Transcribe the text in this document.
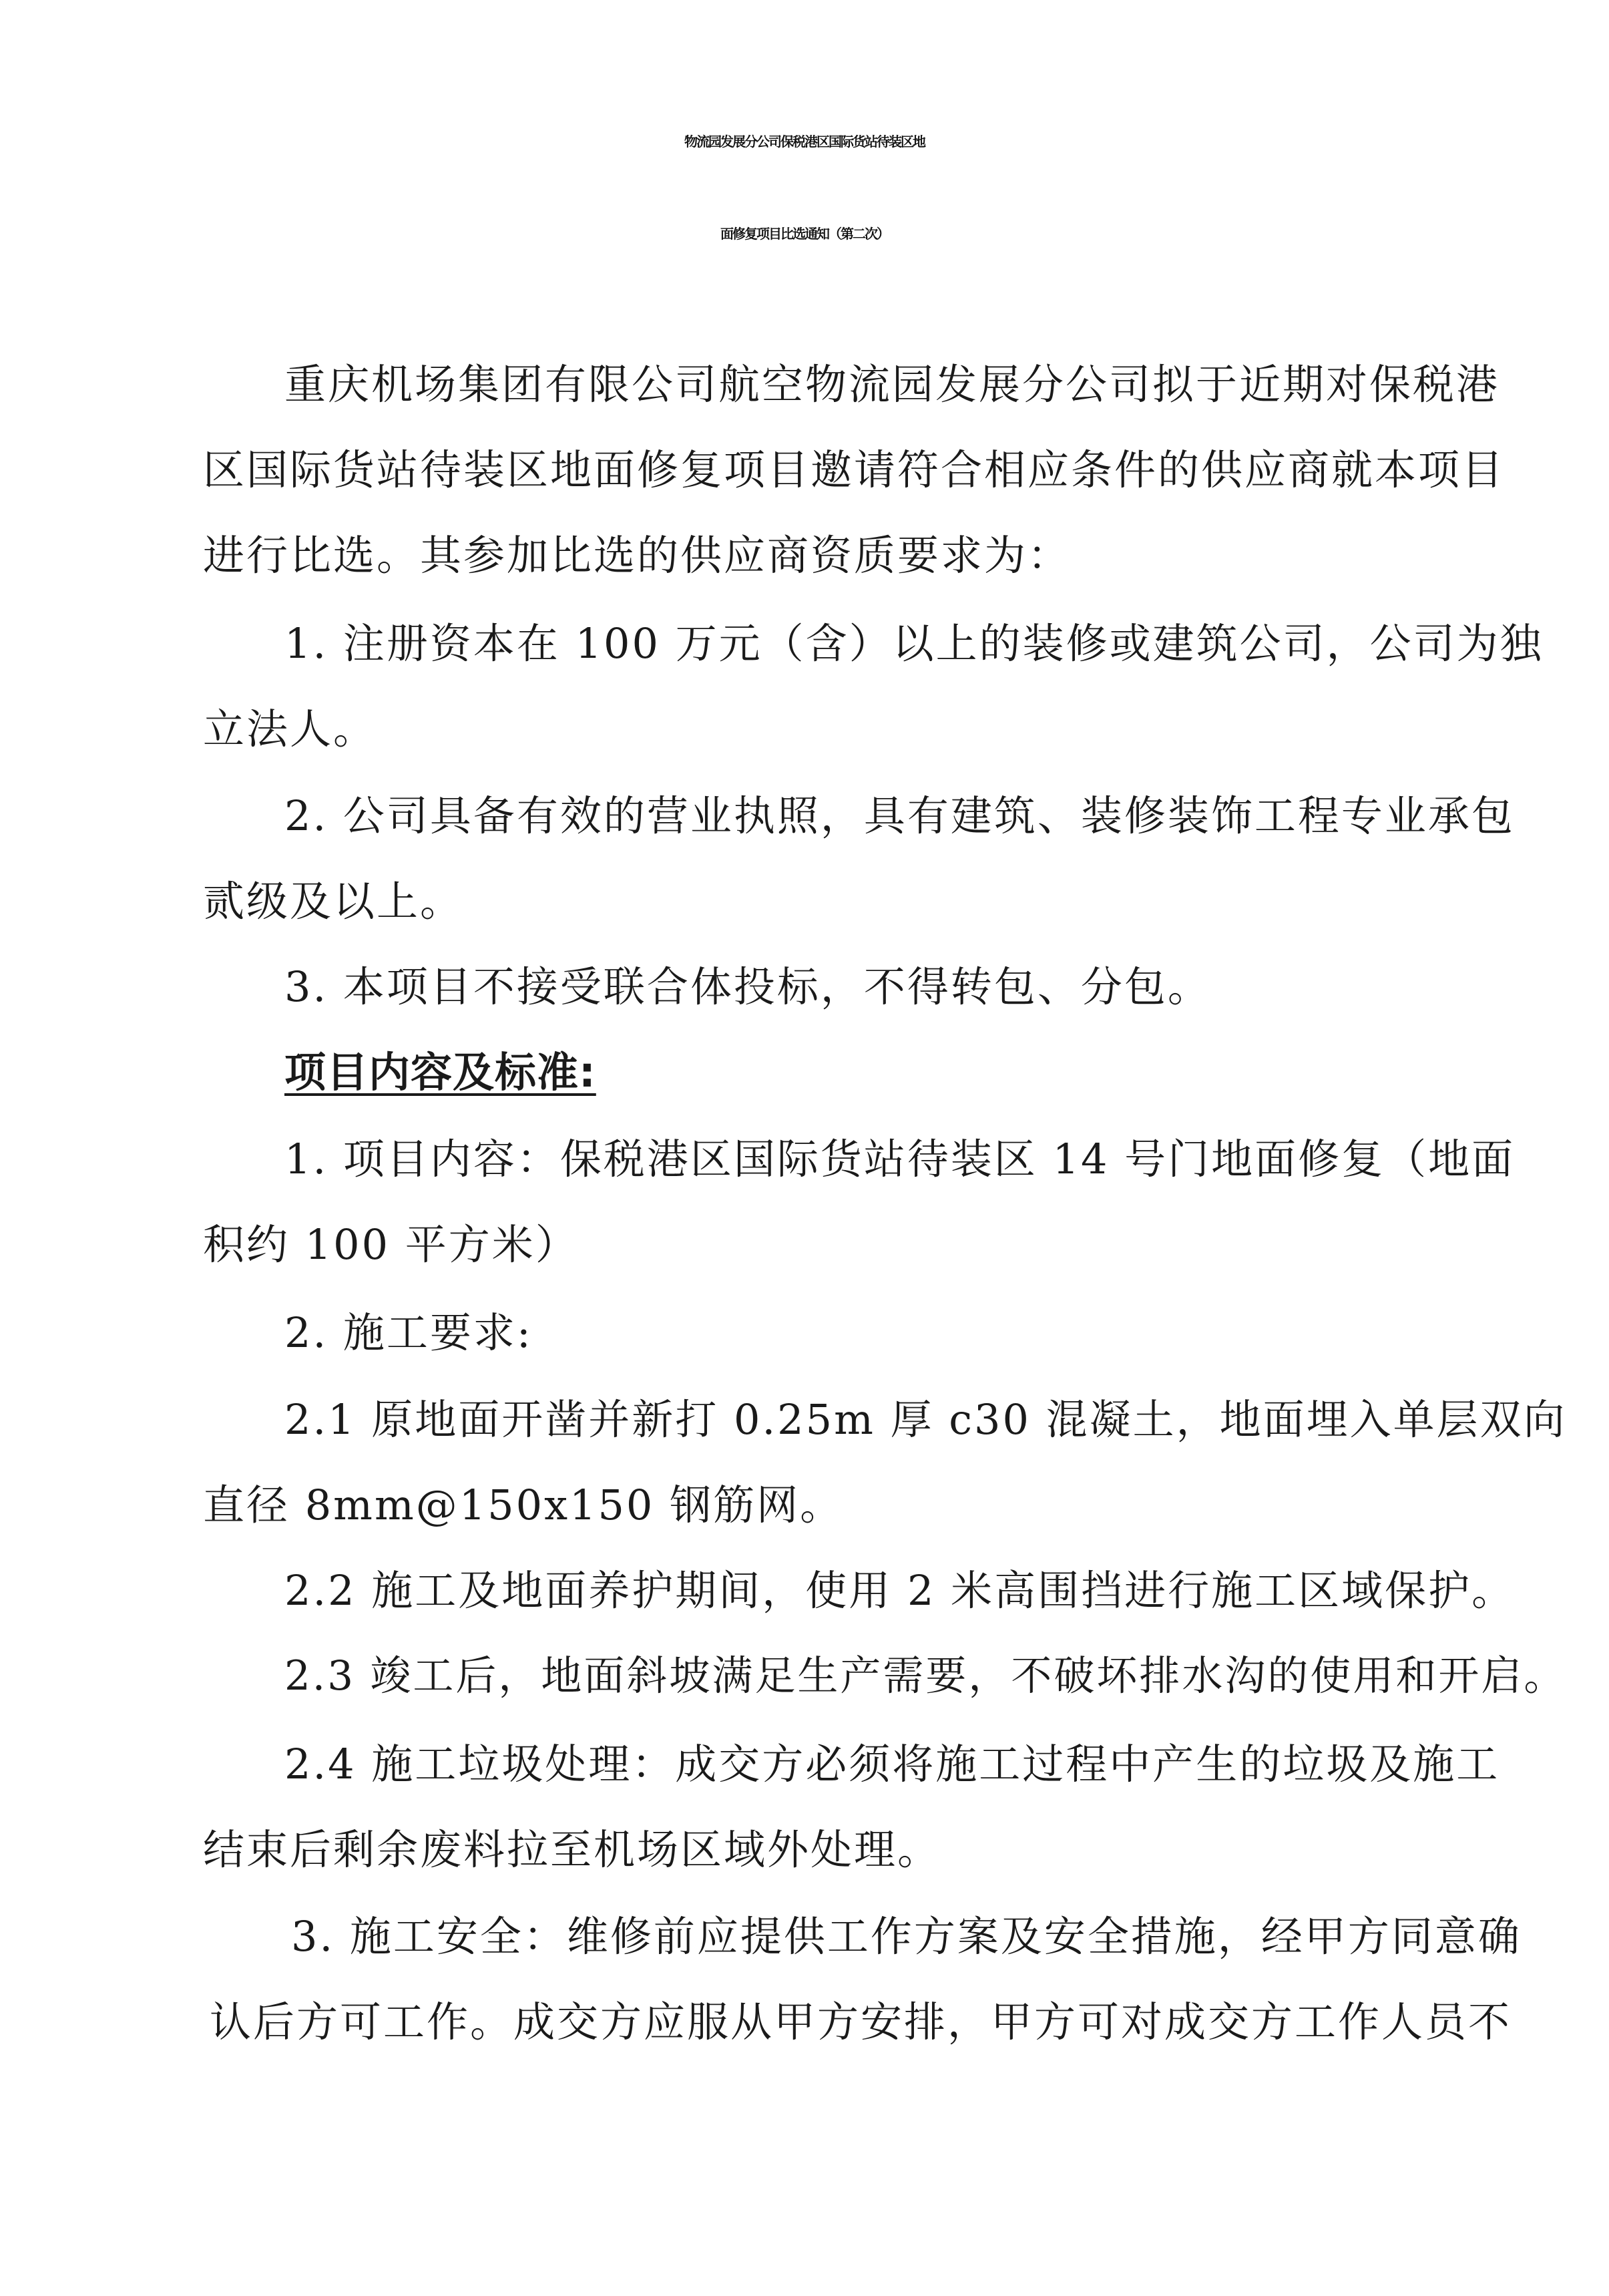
物流园发展分公司保税港区国际货站待装区地
面修复项目比选通知（第二次）
重庆机场集团有限公司航空物流园发展分公司拟于近期对保税港
区国际货站待装区地面修复项目邀请符合相应条件的供应商就本项目
进行比选。其参加比选的供应商资质要求为：
1. 注册资本在 100 万元（含）以上的装修或建筑公司，公司为独
立法人。
2. 公司具备有效的营业执照，具有建筑、装修装饰工程专业承包
贰级及以上。
3. 本项目不接受联合体投标，不得转包、分包。
项目内容及标准:
1. 项目内容：保税港区国际货站待装区 14 号门地面修复（地面
积约 100 平方米）
2. 施工要求:
2.1 原地面开凿并新打 0.25m 厚 c30 混凝土，地面埋入单层双向
直径 8mm@150x150 钢筋网。
2.2 施工及地面养护期间，使用 2 米高围挡进行施工区域保护。
2.3 竣工后，地面斜坡满足生产需要，不破坏排水沟的使用和开启。
2.4 施工垃圾处理：成交方必须将施工过程中产生的垃圾及施工
结束后剩余废料拉至机场区域外处理。
3. 施工安全：维修前应提供工作方案及安全措施，经甲方同意确
认后方可工作。成交方应服从甲方安排，甲方可对成交方工作人员不
